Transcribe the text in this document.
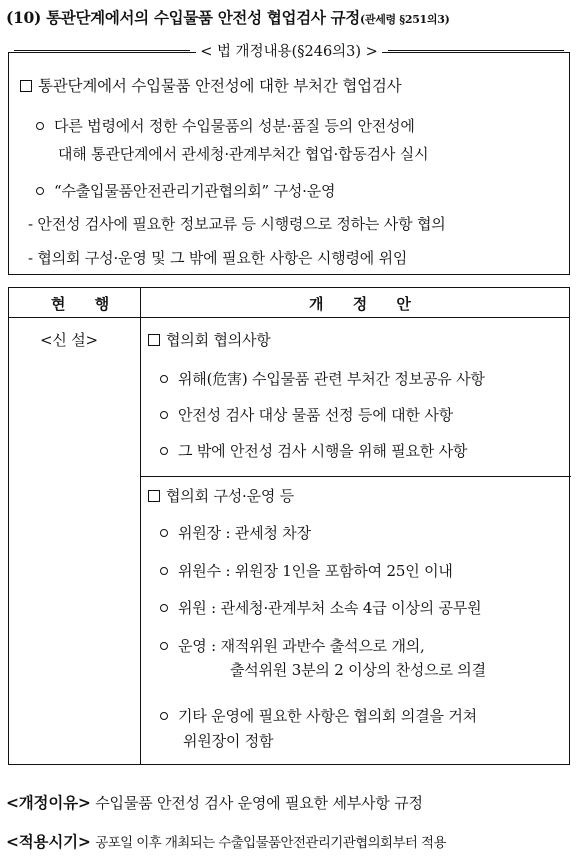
(10) 통관단계에서의 수입물품 안전성 협업검사 규정(관세령 §251의3)
< 법 개정내용(§246의3) >
통관단계에서 수입물품 안전성에 대한 부처간 협업검사
다른 법령에서 정한 수입물품의 성분·품질 등의 안전성에
대해 통관단계에서 관세청·관계부처간 협업·합동검사 실시
“수출입물품안전관리기관협의회” 구성·운영
- 안전성 검사에 필요한 정보교류 등 시행령으로 정하는 사항 협의
- 협의회 구성·운영 및 그 밖에 필요한 사항은 시행령에 위임
현 행	개 정 안
<신 설>	협의회 협의사항
위해(危害) 수입물품 관련 부처간 정보공유 사항
안전성 검사 대상 물품 선정 등에 대한 사항
그 밖에 안전성 검사 시행을 위해 필요한 사항
협의회 구성·운영 등
위원장 : 관세청 차장
위원수 : 위원장 1인을 포함하여 25인 이내
위원 : 관세청·관계부처 소속 4급 이상의 공무원
운영 : 재적위원 과반수 출석으로 개의,
출석위원 3분의 2 이상의 찬성으로 의결
기타 운영에 필요한 사항은 협의회 의결을 거쳐
위원장이 정함
<개정이유> 수입물품 안전성 검사 운영에 필요한 세부사항 규정
<적용시기> 공포일 이후 개최되는 수출입물품안전관리기관협의회부터 적용
